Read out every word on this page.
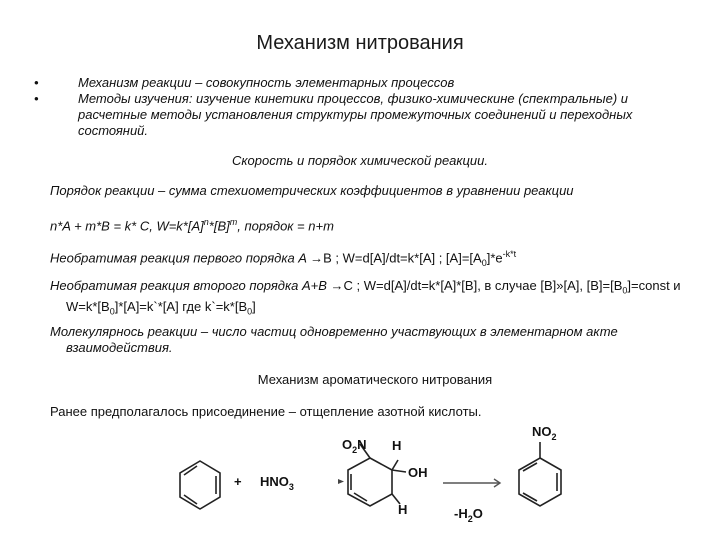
Механизм нитрования
•	Механизм реакции – совокупность элементарных процессов
•	Методы изучения: изучение кинетики процессов, физико-химическине (спектральные) и расчетные методы установления структуры промежуточных соединений и переходных состояний.
Скорость и порядок химической реакции.
Порядок реакции – сумма стехиометрических коэффициентов в уравнении реакции
n*A + m*B = k* C, $W=k*[A]^n*[B]^m$, порядок = n+m
Необратимая реакция первого порядка A →B ; W=d[A]/dt=k*[A] ; $[A]=[A_0]*e^{-k*t}$
Необратимая реакция второго порядка A+B →C ; W=d[A]/dt=k*[A]*[B], в случае [B]»[A], $[B]=[B_0]=const$ и $W=k*[B_0]*[A]=k`*[A]$ где $k`=k*[B_0]$
Молекулярнось реакции – число частиц одновременно участвующих в элементарном акте взаимодействия.
Механизм ароматического нитрования
Ранее предполагалось присоединение – отщепление азотной кислоты.
+ $HNO_3$
$O_2N$ H
OH
H	$-H_2O$
$NO_2$
